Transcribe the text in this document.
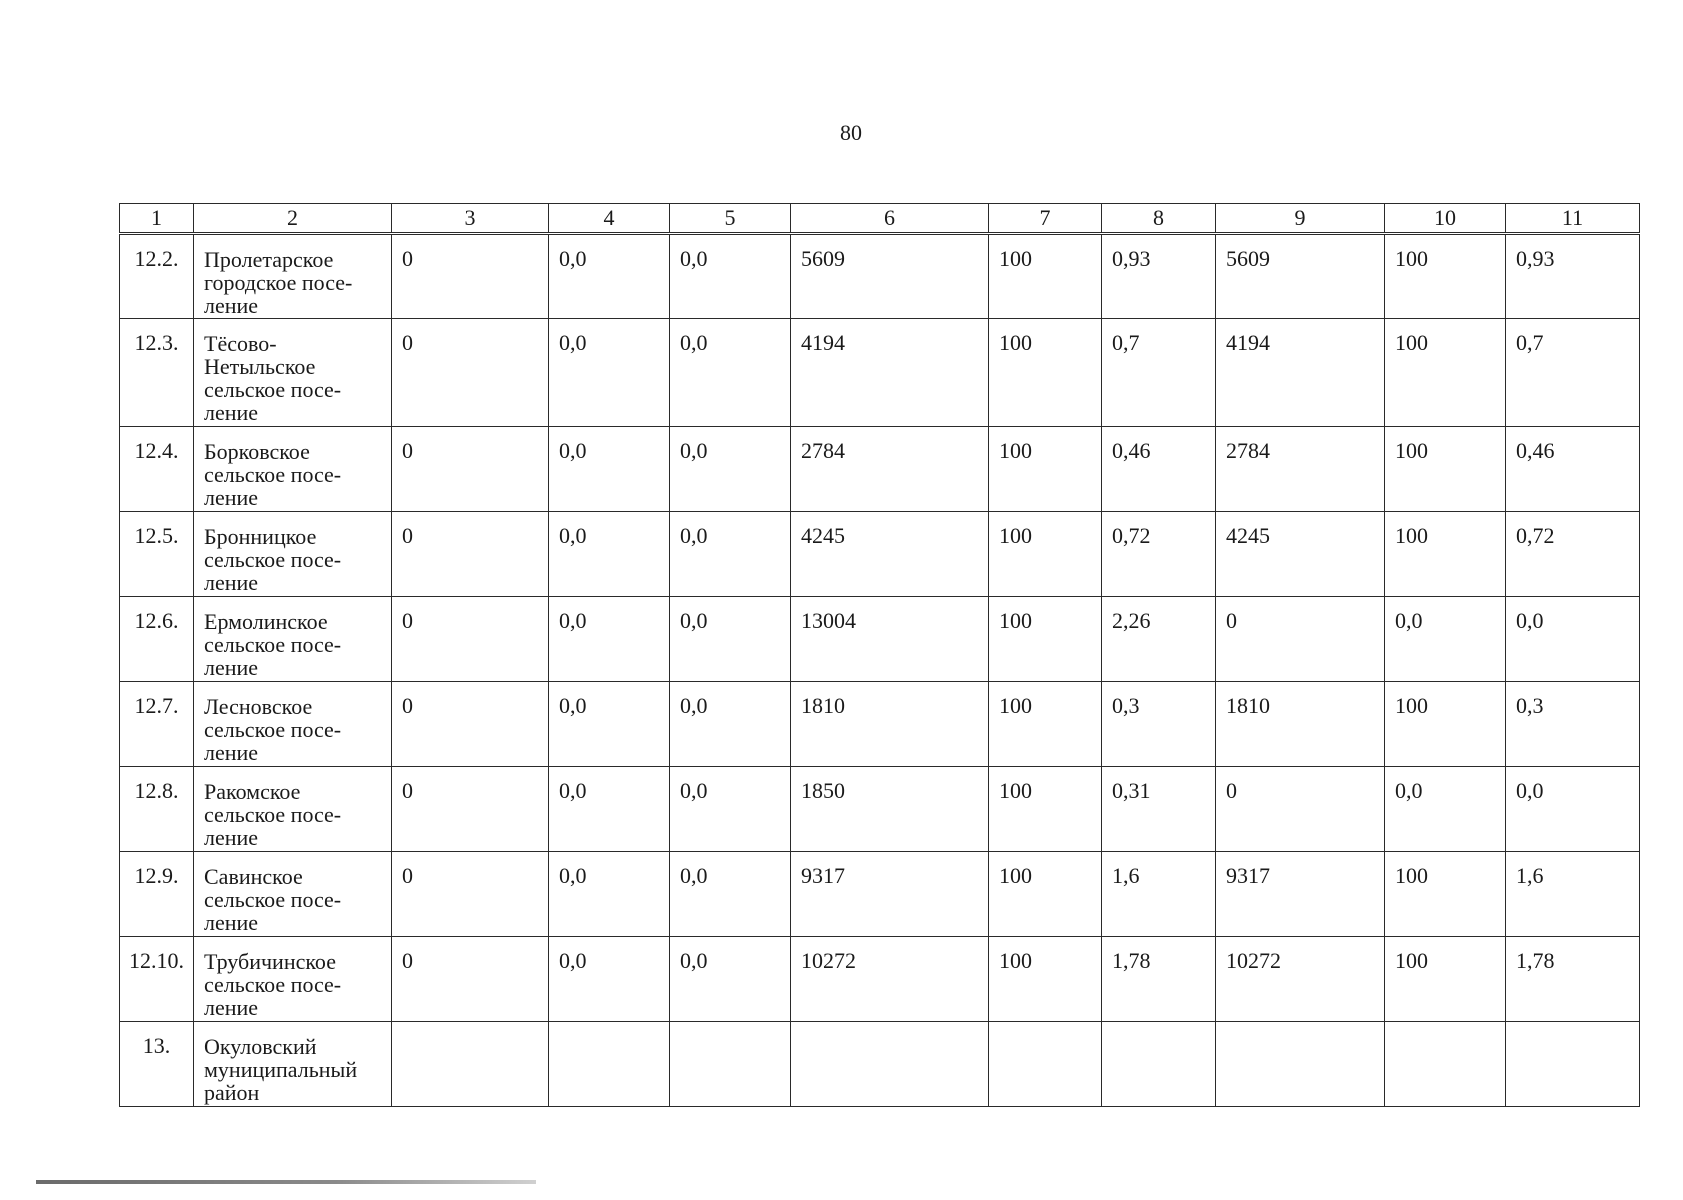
80
1	2	3	4	5	6	7	8	9	10	11
12.2.	Пролетарское
городское посе-
ление	0	0,0	0,0	5609	100	0,93	5609	100	0,93
12.3.	Тёсово-
Нетыльское
сельское посе-
ление	0	0,0	0,0	4194	100	0,7	4194	100	0,7
12.4.	Борковское
сельское посе-
ление	0	0,0	0,0	2784	100	0,46	2784	100	0,46
12.5.	Бронницкое
сельское посе-
ление	0	0,0	0,0	4245	100	0,72	4245	100	0,72
12.6.	Ермолинское
сельское посе-
ление	0	0,0	0,0	13004	100	2,26	0	0,0	0,0
12.7.	Лесновское
сельское посе-
ление	0	0,0	0,0	1810	100	0,3	1810	100	0,3
12.8.	Ракомское
сельское посе-
ление	0	0,0	0,0	1850	100	0,31	0	0,0	0,0
12.9.	Савинское
сельское посе-
ление	0	0,0	0,0	9317	100	1,6	9317	100	1,6
12.10.	Трубичинское
сельское посе-
ление	0	0,0	0,0	10272	100	1,78	10272	100	1,78
13.	Окуловский
муниципальный
район									
